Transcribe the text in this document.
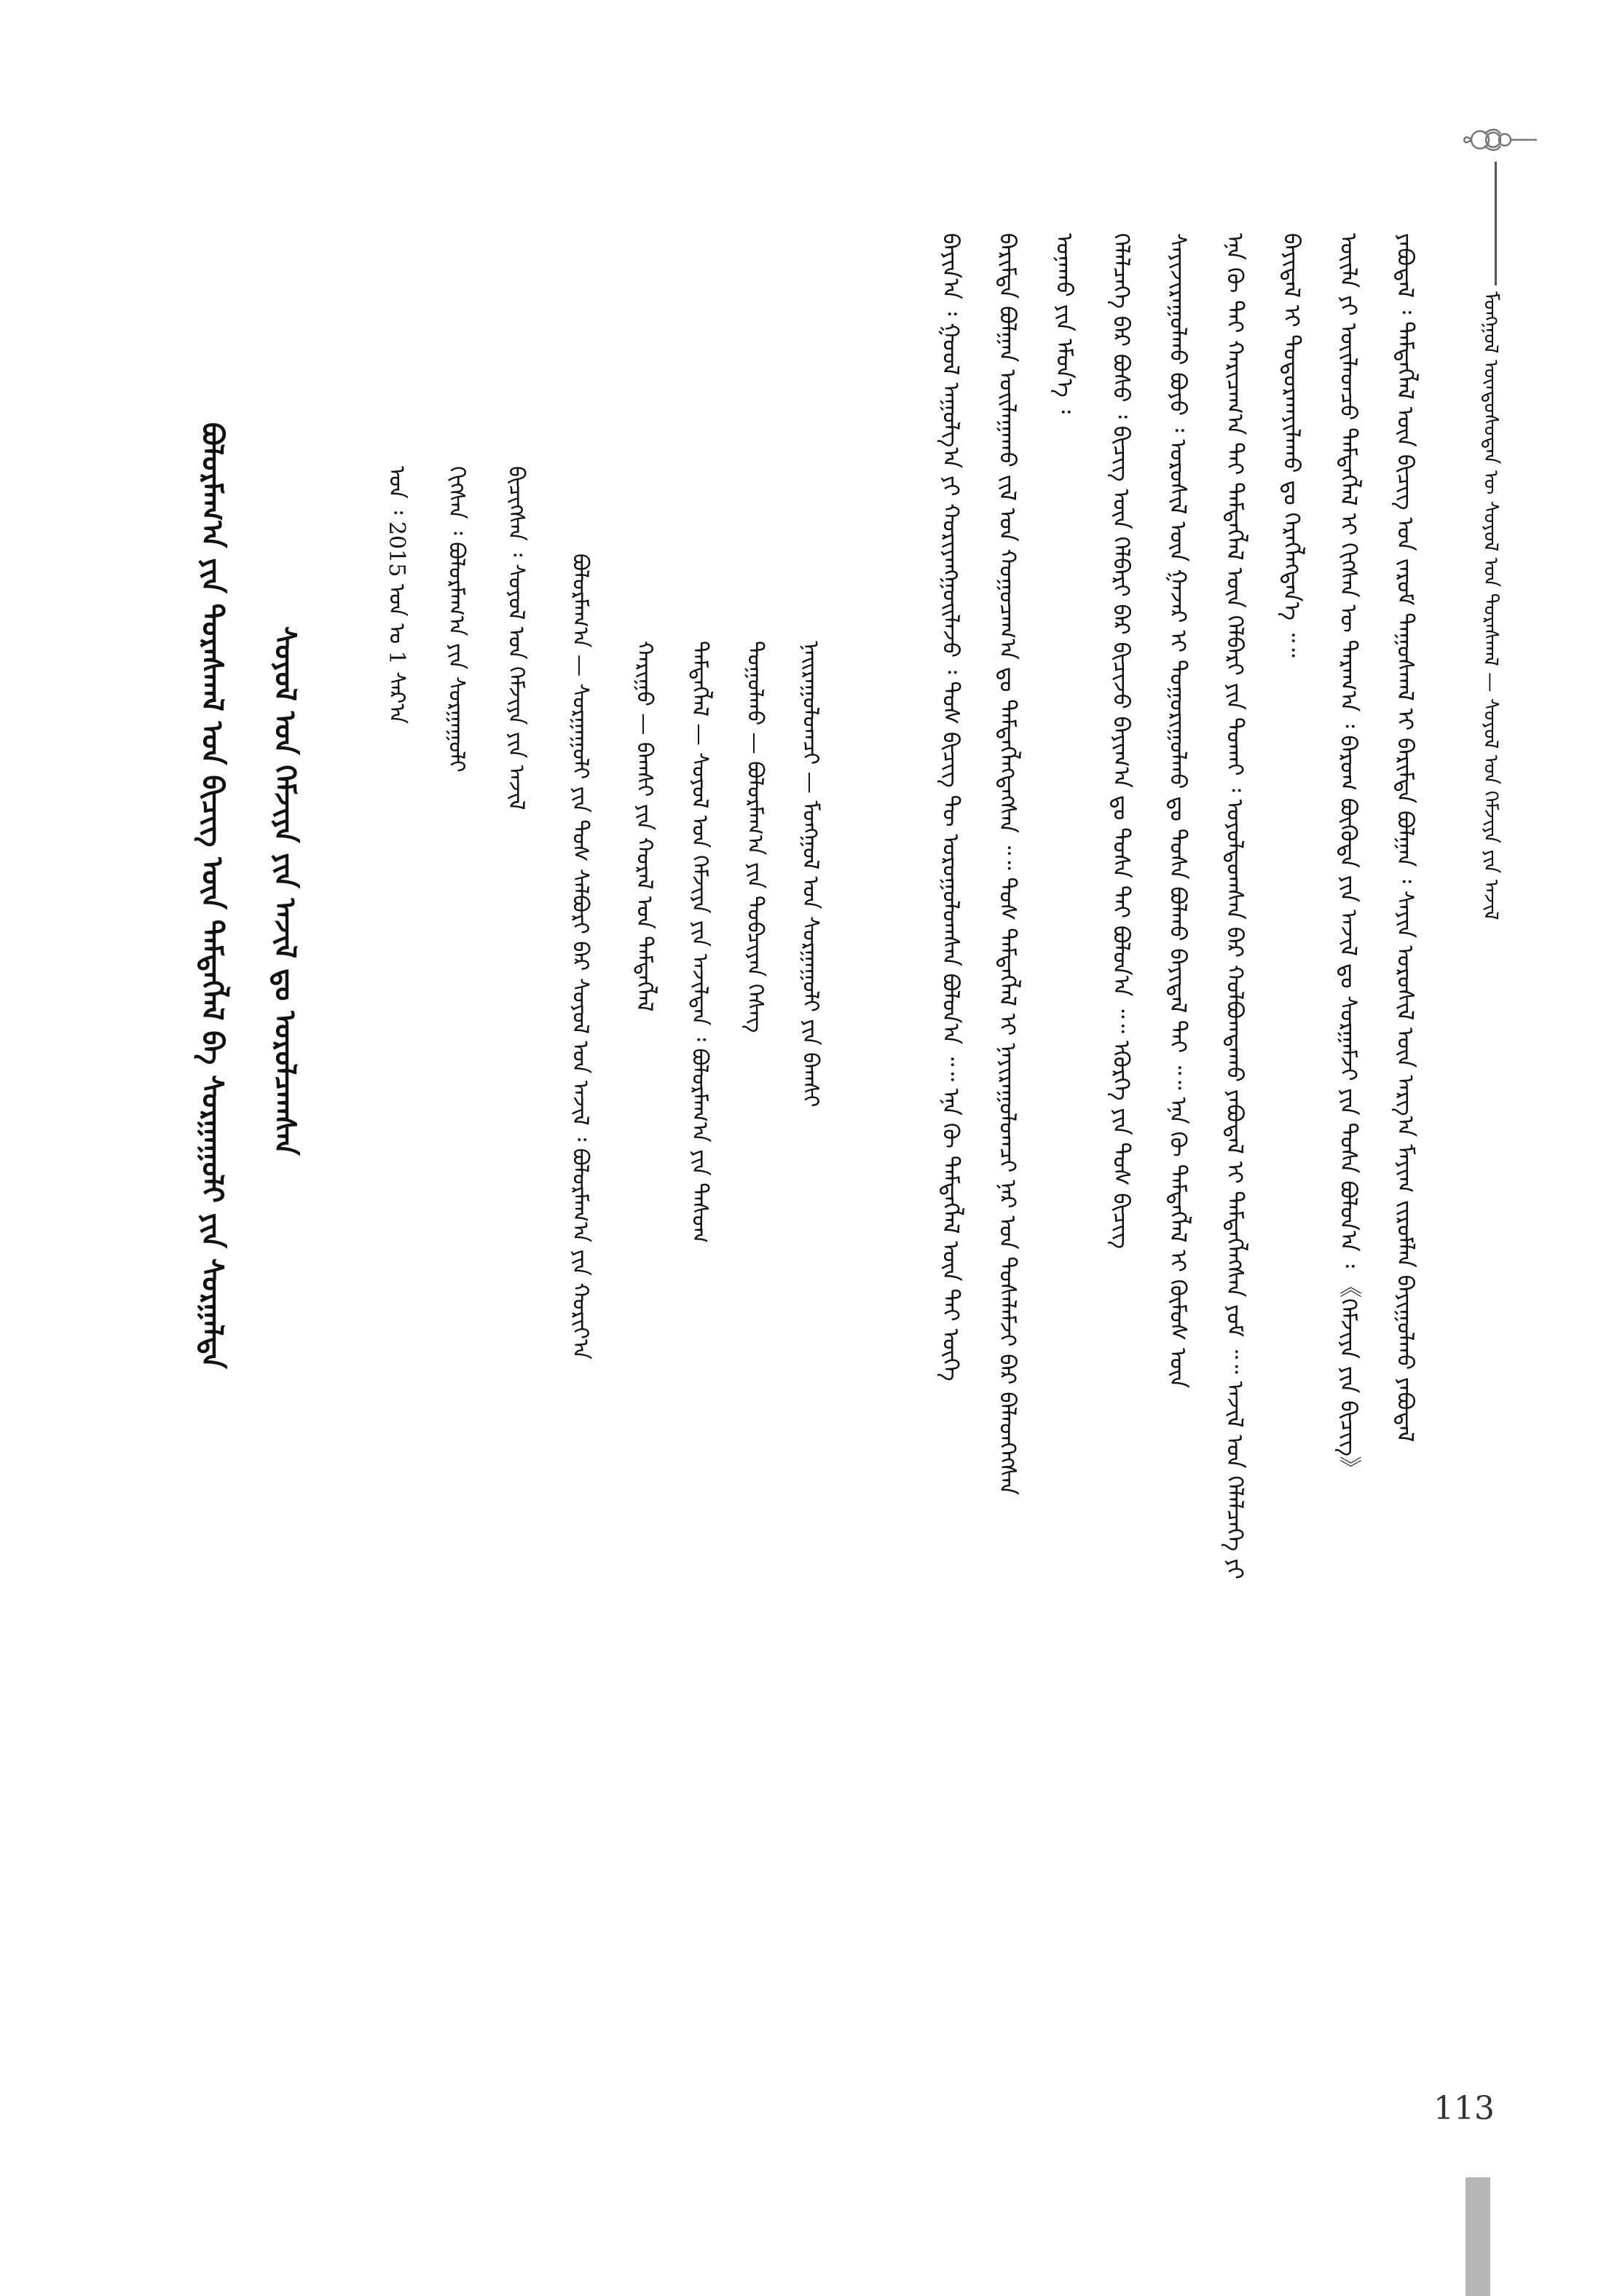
ᠮᠣᠩᠭᠣᠯ ᠦᠨᠳᠦᠰᠦᠲᠡᠨ ᠦ ᠰᠣᠶᠣᠯ ᠤᠨ ᠳᠤᠷᠠᠰᠬᠠᠯ — ᠰᠣᠶᠣᠯ ᠤᠨ ᠬᠡᠮᠵᠢᠶᠡ ᠶᠢᠨ ᠠᠵᠢᠯ
ᠶᠠᠪᠤᠳᠠᠯ ᠄ ᠲᠡᠮᠳᠡᠭᠯᠡᠯ ᠦᠨ ᠪᠢᠴᠢᠭ ᠤᠨ ᠵᠠᠷᠤᠮ ᠳᠠᠭᠤᠰᠬᠠᠯ ᠢ ᠪᠠᠷᠢᠮᠲᠠ ᠪᠤᠯᠭᠠᠨ ᠄ ᠰᠠᠶᠢᠨ ᠤᠷᠤᠰᠢᠯ ᠦᠨ ᠠᠷᠭ᠎ᠠ ᠮᠠᠶᠢᠭ ᠵᠢᠷᠤᠮᠯᠠᠨ ᠪᠠᠶᠢᠭᠤᠯᠬᠤ ᠶᠠᠪᠤᠳᠠᠯ
ᠦᠢᠯᠡ ᠶᠢ ᠦᠢᠯᠡᠳᠴᠦ ᠲᠡᠮᠳᠡᠭᠯᠡᠯ ᠢ ᠬᠢᠭᠰᠡᠨ ᠦ ᠳᠠᠷᠠᠭ᠎ᠠ ᠄ ᠪᠠᠷᠤᠭ ᠪᠦᠭᠦᠳᠡ ᠶᠢᠨ ᠠᠵᠢᠯ ᠳᠤ ᠰᠤᠷᠭᠠᠮᠵᠢ ᠶᠢᠨ ᠲᠤᠰᠠ ᠪᠣᠯᠤᠨ᠎ᠠ ᠄ 《ᠬᠡᠮᠵᠢᠶᠡ ᠶᠢᠨ ᠪᠢᠴᠢᠭ》
ᠪᠠᠶᠢᠳᠠᠯ ᠢ ᠲᠣᠳᠤᠷᠬᠠᠶᠢᠯᠠᠬᠤ ᠳᠤ ᠬᠡᠷᠡᠭᠯᠡᠭᠳᠡᠨ᠎ᠡ ᠃᠃
ᠡᠨᠡ ᠬᠦ ᠲᠠᠢ ᠬᠠᠷᠢᠴᠠᠭ᠎ᠠ ᠲᠠᠢ ᠲᠡᠮᠳᠡᠭᠯᠡᠯ ᠦᠨ ᠬᠡᠯᠪᠡᠷᠢ ᠶᠢᠨ ᠲᠤᠬᠠᠢ ᠄ ᠤᠶᠤᠯᠳᠤᠭᠰᠠᠨ ᠪᠠᠷ ᠬᠣᠯᠪᠣᠭᠳᠠᠬᠤ ᠶᠠᠪᠤᠳᠠᠯ ᠢ ᠲᠡᠮᠳᠡᠭᠯᠡᠭᠰᠡᠨ ᠶᠤᠮ ᠃᠃ ᠠᠵᠢᠯ ᠤᠨ ᠬᠡᠯᠡᠯᠴᠡᠭᠡ ᠶᠢ
ᠰᠠᠶᠢᠵᠢᠷᠠᠭᠤᠯᠬᠤ ᠪᠤᠶᠤ ᠄ ᠤᠷᠤᠰᠢᠯ ᠦᠨ ᠭᠠᠵᠠᠷ ᠢ ᠲᠤᠭᠤᠷᠢᠭᠤᠯᠬᠤ ᠳᠤ ᠲᠤᠰᠠ ᠪᠣᠯᠬᠤ ᠪᠠᠶᠢᠳᠠᠯ ᠲᠠᠢ ᠃᠃ ᠡᠨᠡ ᠬᠦ ᠲᠡᠮᠳᠡᠭᠯᠡᠯ ᠢ ᠬᠦᠮᠦᠰ ᠦᠨ
ᠬᠡᠯᠡᠯᠴᠡᠭᠡ ᠪᠠᠷ ᠪᠤᠰᠤ ᠄ ᠪᠢᠴᠢᠭ ᠦᠨ ᠬᠡᠯᠪᠡᠷᠢ ᠪᠡᠷ ᠪᠢᠴᠢᠵᠦ ᠪᠠᠶᠢᠭ᠎ᠠ ᠳᠤ ᠲᠤᠰᠠ ᠲᠠᠢ ᠪᠣᠯᠤᠨ᠎ᠠ ᠃᠃ ᠡᠭᠦᠷᠭᠡ ᠶᠢᠨ ᠲᠤᠰ ᠪᠢᠴᠢᠭ
ᠤᠨᠠᠬᠤ ᠶᠢᠨ ᠡᠮᠦᠨ᠎ᠡ ᠄
ᠪᠠᠷᠢᠮᠲᠠ ᠪᠤᠯᠭᠠᠨ ᠣᠢᠯᠠᠭᠠᠬᠤ ᠵᠢᠯ ᠤᠨ ᠬᠤᠭᠤᠴᠠᠭ᠎ᠠ ᠳᠤ ᠲᠡᠮᠳᠡᠭᠯᠡᠭᠳᠡᠭᠰᠡᠨ ᠃᠃ ᠲᠤᠰ ᠲᠡᠮᠳᠡᠭᠯᠡᠯ ᠢ ᠨᠠᠶᠢᠷᠠᠭᠤᠯᠤᠭᠴᠢ ᠨᠠᠷ ᠤᠨ ᠲᠤᠰᠠᠯᠠᠮᠵᠢ ᠪᠡᠷ ᠪᠡᠯᠡᠳᠬᠡᠭᠰᠡᠨ
ᠪᠠᠶᠢᠨ᠎ᠠ ᠄ ᠭᠣᠣᠯ ᠠᠭᠤᠯᠭ᠎ᠠ ᠶᠢ ᠬᠤᠷᠢᠶᠠᠩᠭᠤᠢᠯᠠᠵᠤ ᠄ ᠲᠤᠰ ᠪᠢᠴᠢᠭ ᠲᠦ ᠤᠷᠤᠭᠤᠯᠤᠭᠰᠠᠨ ᠪᠤᠯᠤᠨ᠎ᠠ ᠃᠃ ᠡᠨᠡ ᠬᠦ ᠲᠡᠮᠳᠡᠭᠯᠡᠯ ᠦᠨ ᠲᠠᠢ ᠦᠭᠡ
ᠨᠠᠢᠷᠠᠭᠤᠯᠤᠭᠴᠢ — ᠮᠣᠩᠭᠣᠯ ᠤᠨ ᠰᠤᠷᠭᠠᠭᠤᠯᠢ ᠶᠢᠨ ᠪᠠᠭᠰᠢ
ᠳᠤᠭᠤᠯᠬᠤ — ᠪᠤᠯᠤᠷᠮᠠᠭ᠎ᠠ ᠶᠢᠨ ᠲᠣᠪᠴᠢᠶᠠᠨ ᠬᠡᠰᠡᠭ
ᠲᠡᠮᠳᠡᠭᠯᠡᠯ — ᠰᠣᠶᠣᠯ ᠤᠨ ᠬᠡᠮᠵᠢᠶᠡ ᠶᠢᠨ ᠠᠵᠢᠯᠲᠠᠨ ᠄ ᠪᠤᠯᠤᠷᠮᠠᠭ᠎ᠠ ᠶᠢᠨ ᠲᠠᠰᠤᠭ
ᠬᠠᠷᠢᠭᠤ — ᠪᠠᠭᠰᠢ ᠶᠢᠨ ᠬᠤᠷᠠᠯ ᠤᠨ ᠲᠡᠮᠳᠡᠭᠯᠡᠯ
ᠪᠤᠯᠤᠷᠮᠠᠭ᠎ᠠ — ᠰᠤᠷᠭᠠᠭᠤᠯᠢ ᠶᠢᠨ ᠲᠤᠰ ᠰᠠᠯᠪᠤᠷᠢ ᠪᠡᠷ ᠰᠣᠶᠣᠯ ᠤᠨ ᠠᠵᠢᠯ ᠄ ᠪᠤᠯᠤᠷᠮᠠᠭ᠎ᠠ ᠶᠢᠨ ᠬᠣᠷᠢᠶ᠎ᠠ
ᠪᠢᠴᠢᠭᠰᠡᠨ ᠄ ᠰᠣᠶᠣᠯ ᠤᠨ ᠬᠡᠮᠵᠢᠶᠡ ᠶᠢᠨ ᠠᠵᠢᠯ
ᠬᠢᠭᠰᠡᠨ ᠄ ᠪᠤᠯᠤᠷᠮᠠᠭ᠎ᠠ ᠶᠢᠨ ᠰᠤᠷᠭᠠᠭᠤᠯᠢ
ᠣᠨ ᠄ 2015 ᠣᠨ ᠤ 1 ᠰᠠᠷ᠎ᠠ
ᠰᠣᠶᠣᠯ ᠤᠨ ᠬᠡᠮᠵᠢᠶᠡ ᠶᠢᠨ ᠠᠵᠢᠯ ᠳᠤ ᠣᠷᠣᠯᠴᠠᠭᠰᠠᠨ
ᠪᠤᠯᠤᠷᠮᠠᠭ᠎ᠠ ᠶᠢᠨ ᠳᠤᠷᠠᠰᠬᠠᠯ ᠤᠨ ᠪᠢᠴᠢᠭ ᠦᠨ ᠲᠡᠮᠳᠡᠭᠯᠡᠯ ᠪᠠ ᠰᠤᠷᠭᠠᠭᠤᠯᠢ ᠶᠢᠨ ᠰᠤᠷᠭᠠᠯᠲᠠ
113
